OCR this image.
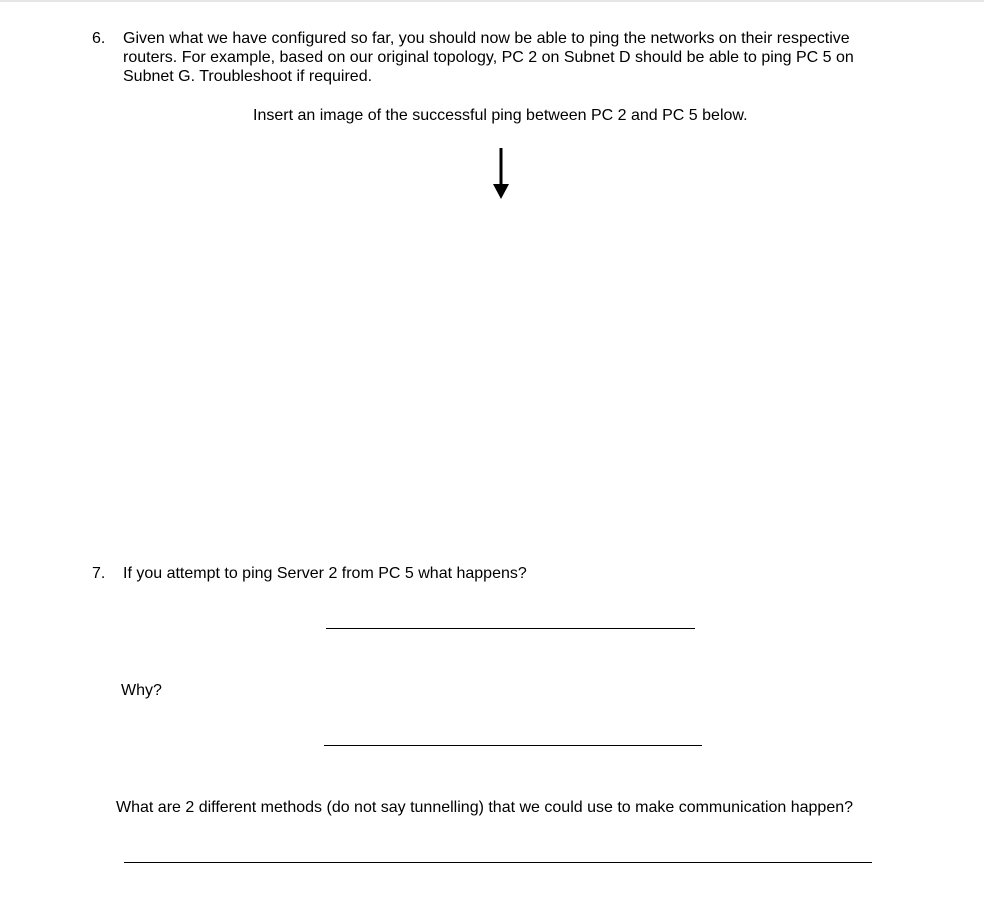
6. Given what we have configured so far, you should now be able to ping the networks on their respective routers. For example, based on our original topology, PC 2 on Subnet D should be able to ping PC 5 on Subnet G. Troubleshoot if required.
Insert an image of the successful ping between PC 2 and PC 5 below.
7. If you attempt to ping Server 2 from PC 5 what happens?
Why?
What are 2 different methods (do not say tunnelling) that we could use to make communication happen?
